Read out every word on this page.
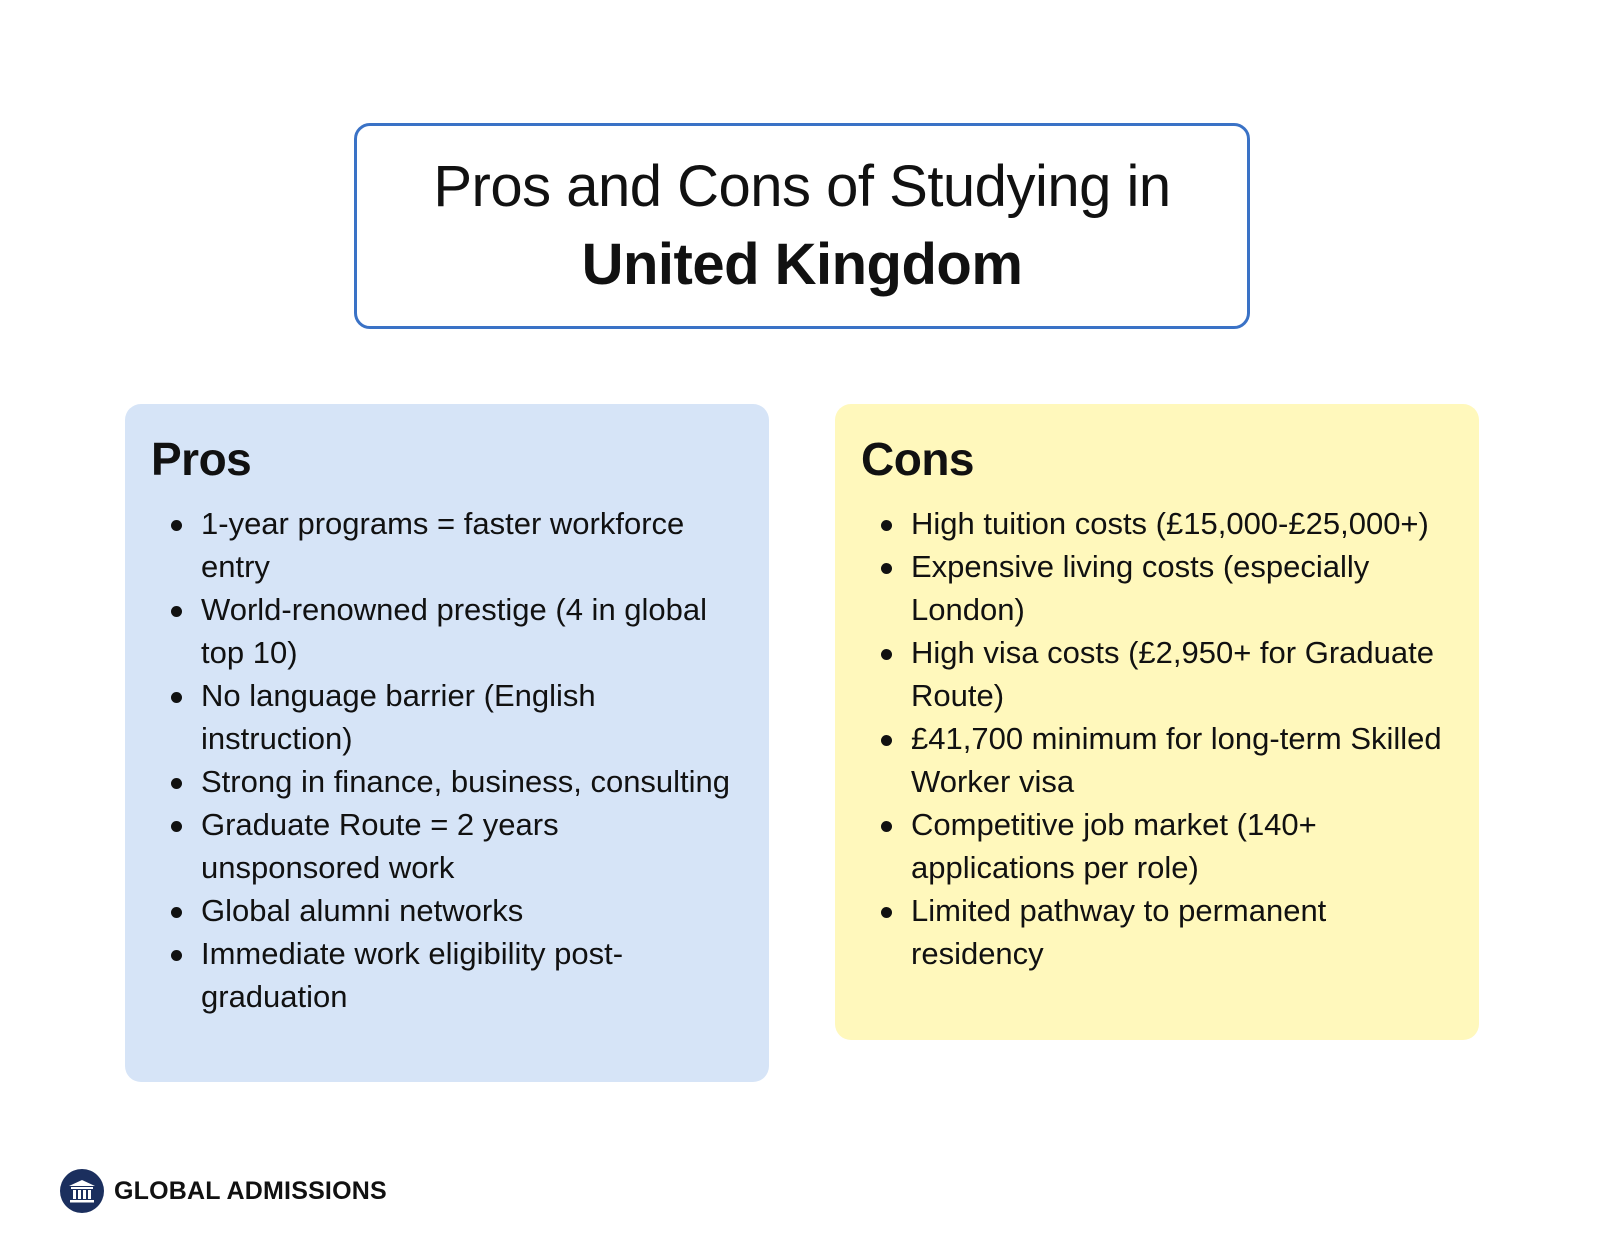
Pros and Cons of Studying in
United Kingdom
Pros
1-year programs = faster workforce entry
World-renowned prestige (4 in global top 10)
No language barrier (English instruction)
Strong in finance, business, consulting
Graduate Route = 2 years unsponsored work
Global alumni networks
Immediate work eligibility post-graduation
Cons
High tuition costs (£15,000-£25,000+)
Expensive living costs (especially London)
High visa costs (£2,950+ for Graduate Route)
£41,700 minimum for long-term Skilled Worker visa
Competitive job market (140+ applications per role)
Limited pathway to permanent residency
GLOBAL ADMISSIONS
